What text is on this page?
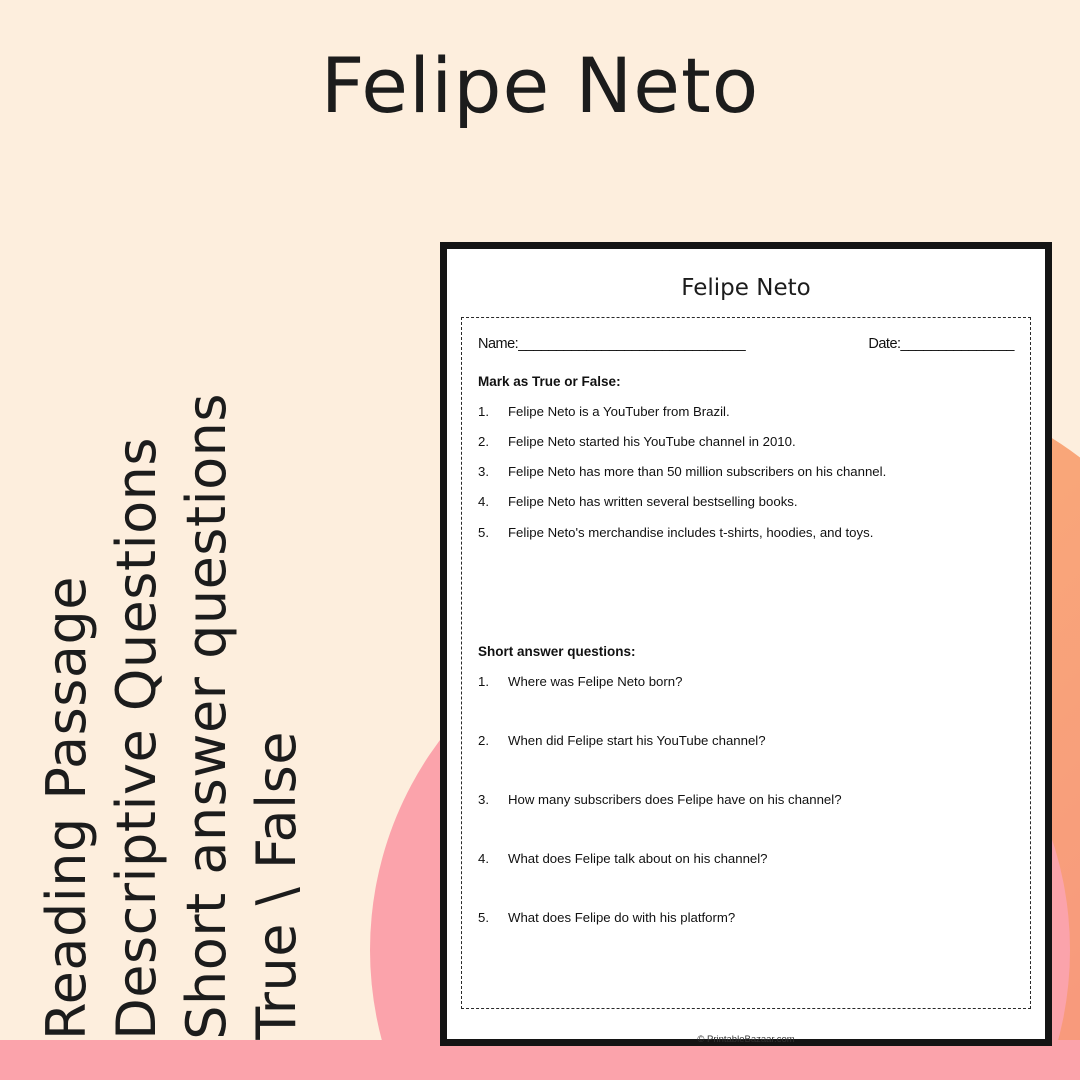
Felipe Neto
Reading Passage Descriptive Questions Short answer questions True \ False
Felipe Neto
Name:______________________________	Date:_______________
Mark as True or False:
1.	Felipe Neto is a YouTuber from Brazil.
2.	Felipe Neto started his YouTube channel in 2010.
3.	Felipe Neto has more than 50 million subscribers on his channel.
4.	Felipe Neto has written several bestselling books.
5.	Felipe Neto's merchandise includes t-shirts, hoodies, and toys.
Short answer questions:
1.	Where was Felipe Neto born?
2.	When did Felipe start his YouTube channel?
3.	How many subscribers does Felipe have on his channel?
4.	What does Felipe talk about on his channel?
5.	What does Felipe do with his platform?
© PrintableBazaar.com
